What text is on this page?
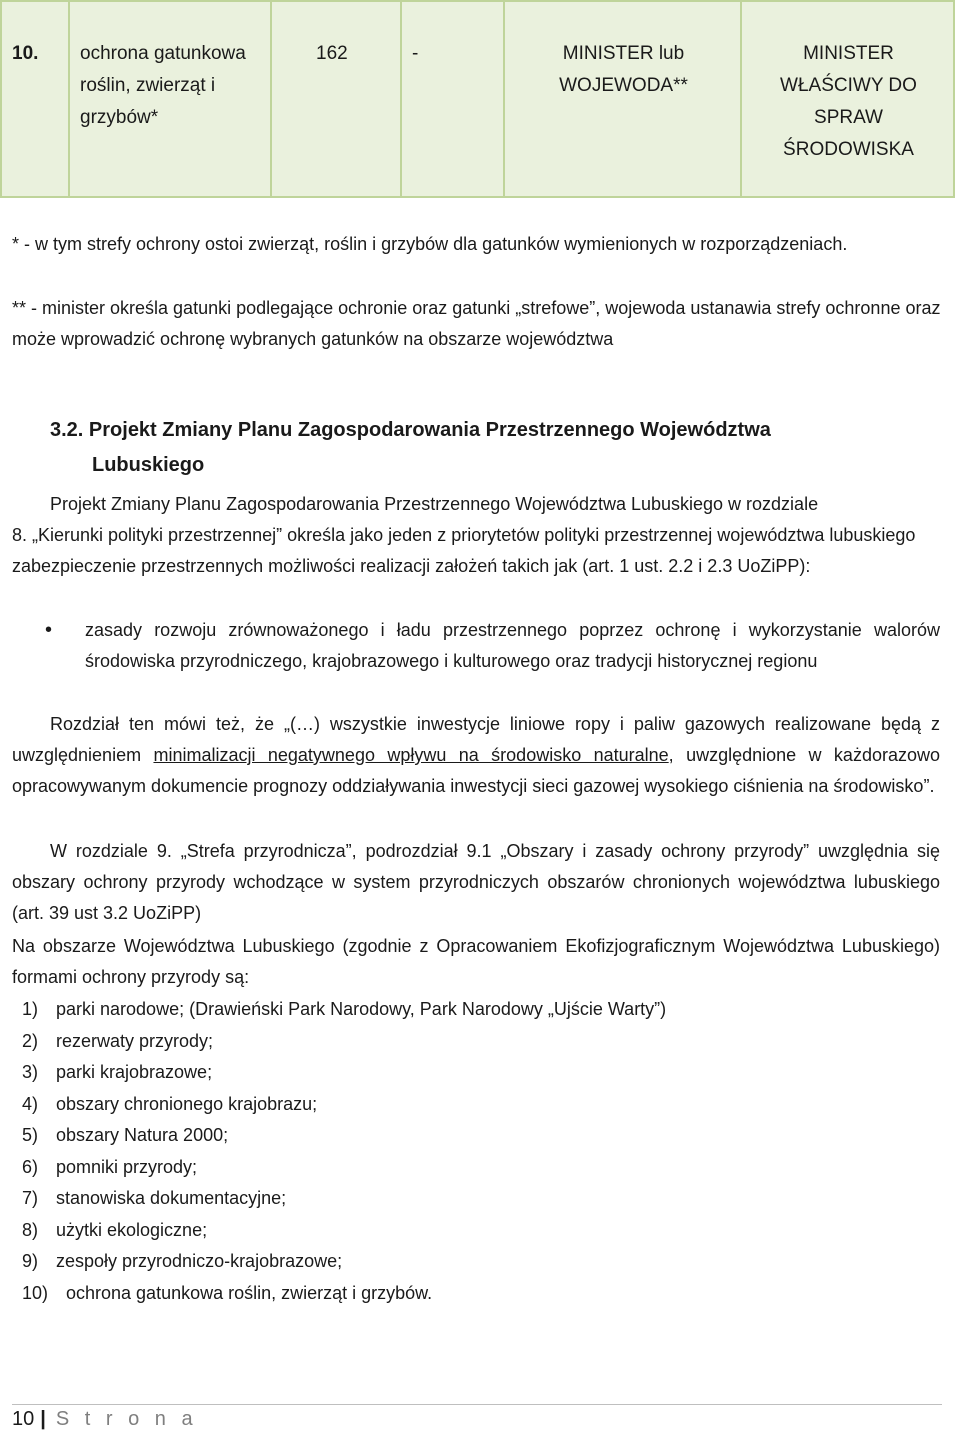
10.	ochrona gatunkowa roślin, zwierząt i grzybów*	162	-	MINISTER lub WOJEWODA**	MINISTER WŁAŚCIWY DO SPRAW ŚRODOWISKA
* - w tym strefy ochrony ostoi zwierząt, roślin i grzybów dla gatunków wymienionych w rozporządzeniach.
** - minister określa gatunki podlegające ochronie oraz gatunki „strefowe”, wojewoda ustanawia strefy ochronne oraz może wprowadzić ochronę wybranych gatunków na obszarze województwa
3.2. Projekt Zmiany Planu Zagospodarowania Przestrzennego Województwa
Lubuskiego
Projekt Zmiany Planu Zagospodarowania Przestrzennego Województwa Lubuskiego w rozdziale
8. „Kierunki polityki przestrzennej” określa jako jeden z priorytetów polityki przestrzennej województwa lubuskiego zabezpieczenie przestrzennych możliwości realizacji założeń takich jak (art. 1 ust. 2.2 i 2.3 UoZiPP):
• zasady rozwoju zrównoważonego i ładu przestrzennego poprzez ochronę i wykorzystanie walorów środowiska przyrodniczego, krajobrazowego i kulturowego oraz tradycji historycznej regionu
Rozdział ten mówi też, że „(…) wszystkie inwestycje liniowe ropy i paliw gazowych realizowane będą z uwzględnieniem minimalizacji negatywnego wpływu na środowisko naturalne, uwzględnione w każdorazowo opracowywanym dokumencie prognozy oddziaływania inwestycji sieci gazowej wysokiego ciśnienia na środowisko”.
W rozdziale 9. „Strefa przyrodnicza”, podrozdział 9.1 „Obszary i zasady ochrony przyrody” uwzględnia się obszary ochrony przyrody wchodzące w system przyrodniczych obszarów chronionych województwa lubuskiego (art. 39 ust 3.2 UoZiPP)
Na obszarze Województwa Lubuskiego (zgodnie z Opracowaniem Ekofizjograficznym Województwa Lubuskiego) formami ochrony przyrody są:
1) parki narodowe; (Drawieński Park Narodowy, Park Narodowy „Ujście Warty”)
2) rezerwaty przyrody;
3) parki krajobrazowe;
4) obszary chronionego krajobrazu;
5) obszary Natura 2000;
6) pomniki przyrody;
7) stanowiska dokumentacyjne;
8) użytki ekologiczne;
9) zespoły przyrodniczo-krajobrazowe;
10) ochrona gatunkowa roślin, zwierząt i grzybów.
10 | S t r o n a
